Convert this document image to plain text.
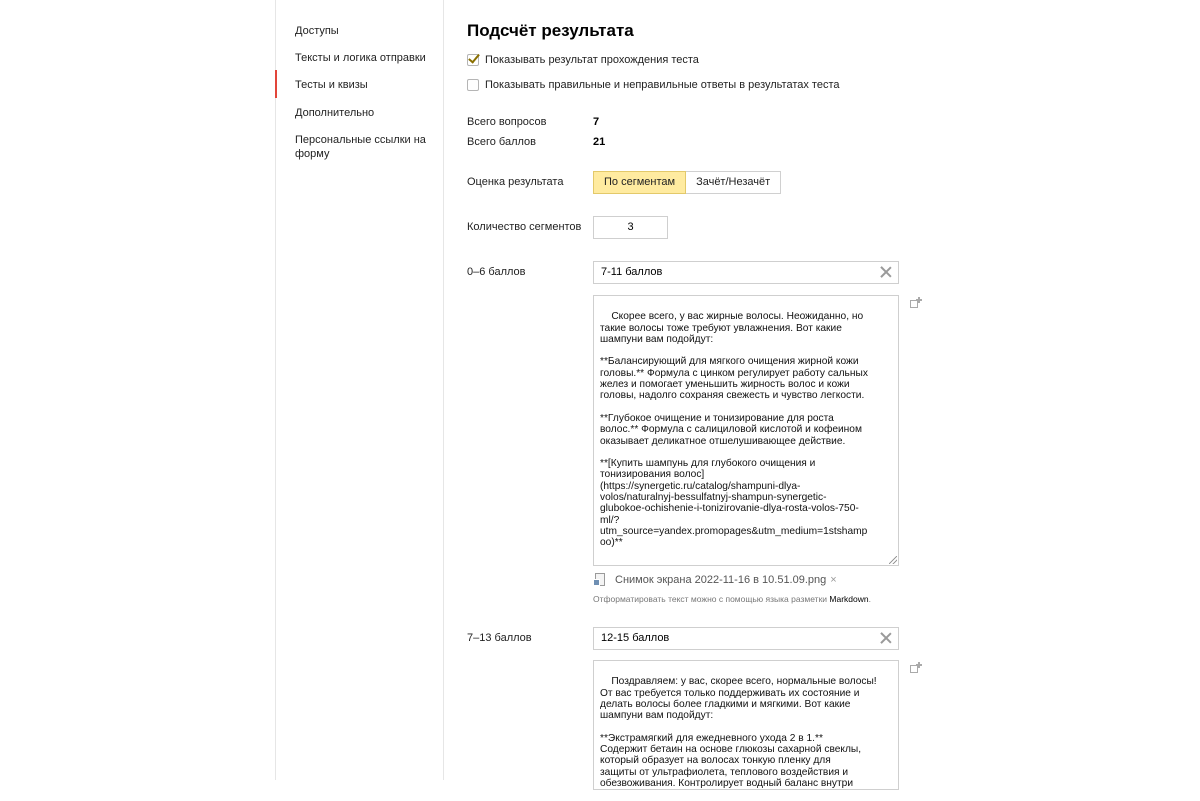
Доступы
Тексты и логика отправки
Тесты и квизы
Дополнительно
Персональные ссылки на форму
Подсчёт результата
Показывать результат прохождения теста
Показывать правильные и неправильные ответы в результатах теста
Всего вопросов	7
Всего баллов	21
Оценка результата	По сегментам	Зачёт/Незачёт
Количество сегментов	3
0–6 баллов	7-11 баллов

Скорее всего, у вас жирные волосы. Неожиданно, но
такие волосы тоже требуют увлажнения. Вот какие
шампуни вам подойдут:

**Балансирующий для мягкого очищения жирной кожи
головы.** Формула с цинком регулирует работу сальных
желез и помогает уменьшить жирность волос и кожи
головы, надолго сохраняя свежесть и чувство легкости.

**Глубокое очищение и тонизирование для роста
волос.** Формула с салициловой кислотой и кофеином
оказывает деликатное отшелушивающее действие.

**[Купить шампунь для глубокого очищения и
тонизирования волос]
(https://synergetic.ru/catalog/shampuni-dlya-
volos/naturalnyj-bessulfatnyj-shampun-synergetic-
glubokoe-ochishenie-i-tonizirovanie-dlya-rosta-volos-750-
ml/?
utm_source=yandex.promopages&utm_medium=1stshamp
oo)**

Снимок экрана 2022-11-16 в 10.51.09.png ×
Отформатировать текст можно с помощью языка разметки Markdown.
7–13 баллов	12-15 баллов

Поздравляем: у вас, скорее всего, нормальные волосы!
От вас требуется только поддерживать их состояние и
делать волосы более гладкими и мягкими. Вот какие
шампуни вам подойдут:

**Экстрамягкий для ежедневного ухода 2 в 1.**
Содержит бетаин на основе глюкозы сахарной свеклы,
который образует на волосах тонкую пленку для
защиты от ультрафиолета, теплового воздействия и
обезвоживания. Контролирует водный баланс внутри
